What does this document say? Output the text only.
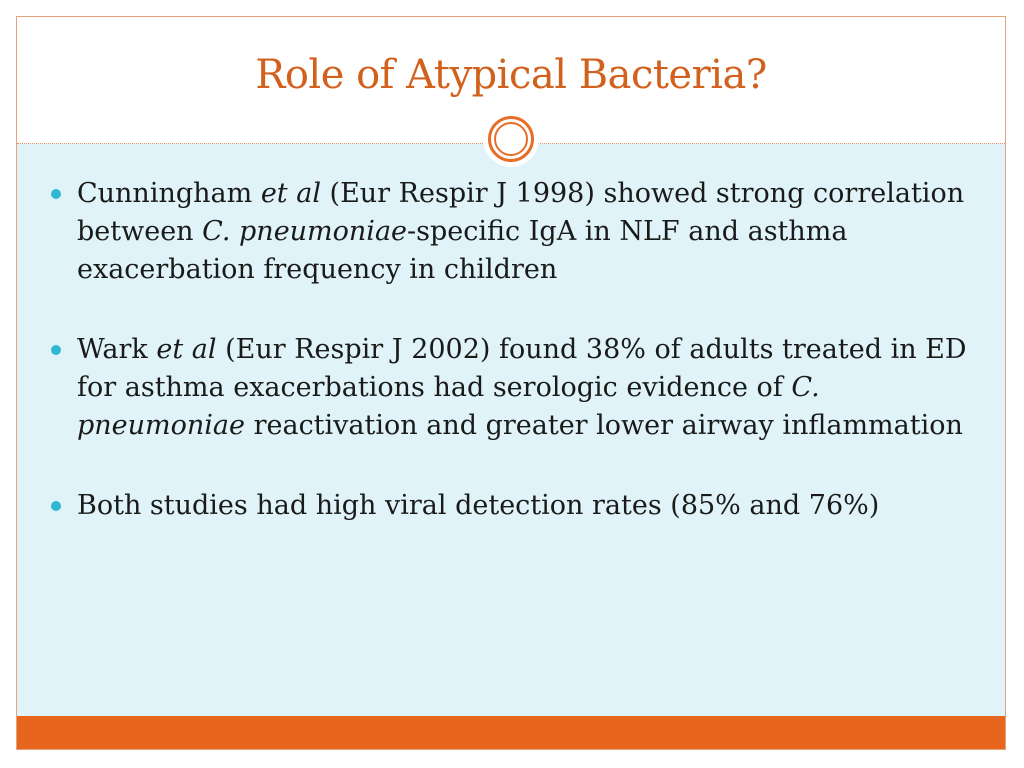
Role of Atypical Bacteria?
Cunningham et al (Eur Respir J 1998) showed strong correlation between C. pneumoniae-specific IgA in NLF and asthma exacerbation frequency in children
Wark et al (Eur Respir J 2002) found 38% of adults treated in ED for asthma exacerbations had serologic evidence of C. pneumoniae reactivation and greater lower airway inflammation
Both studies had high viral detection rates (85% and 76%)
